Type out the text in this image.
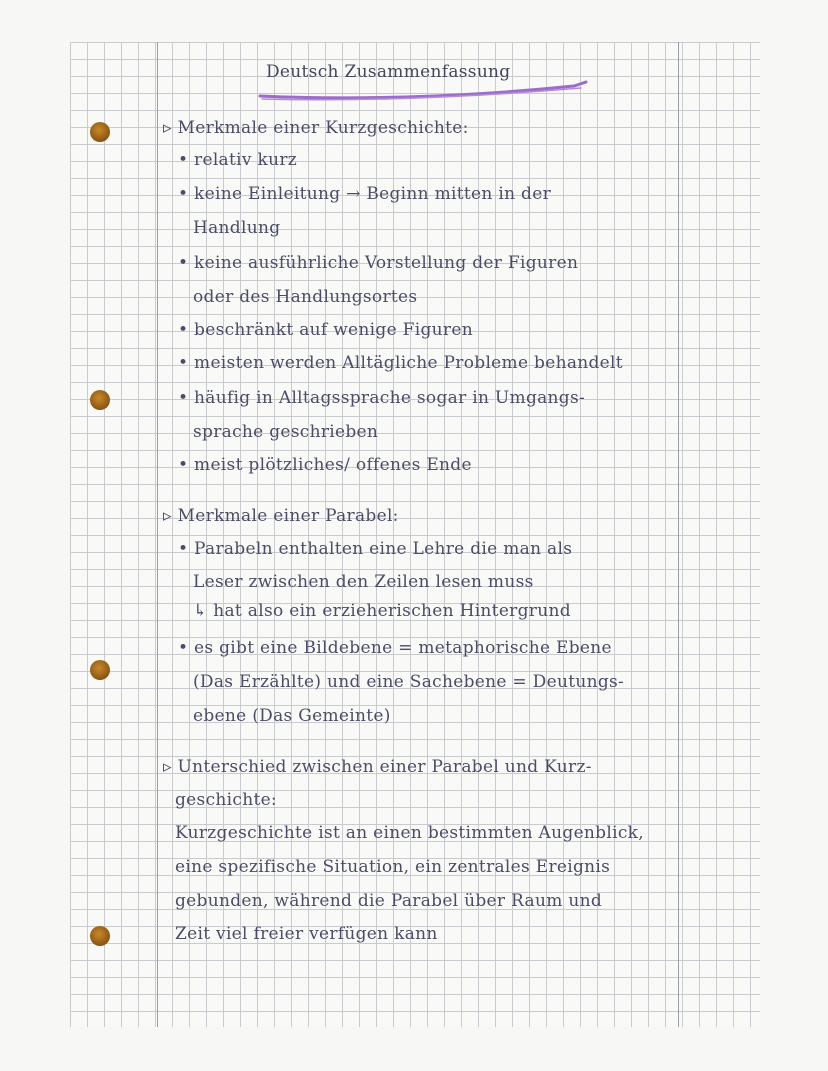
Deutsch Zusammenfassung
▹ Merkmale einer Kurzgeschichte:
• relativ kurz
• keine Einleitung → Beginn mitten in der
Handlung
• keine ausführliche Vorstellung der Figuren
oder des Handlungsortes
• beschränkt auf wenige Figuren
• meisten werden Alltägliche Probleme behandelt
• häufig in Alltagssprache sogar in Umgangs-
sprache geschrieben
• meist plötzliches/ offenes Ende
▹ Merkmale einer Parabel:
• Parabeln enthalten eine Lehre die man als
Leser zwischen den Zeilen lesen muss
↳ hat also ein erzieherischen Hintergrund
• es gibt eine Bildebene = metaphorische Ebene
(Das Erzählte) und eine Sachebene = Deutungs-
ebene (Das Gemeinte)
▹ Unterschied zwischen einer Parabel und Kurz-
geschichte:
Kurzgeschichte ist an einen bestimmten Augenblick,
eine spezifische Situation, ein zentrales Ereignis
gebunden, während die Parabel über Raum und
Zeit viel freier verfügen kann
